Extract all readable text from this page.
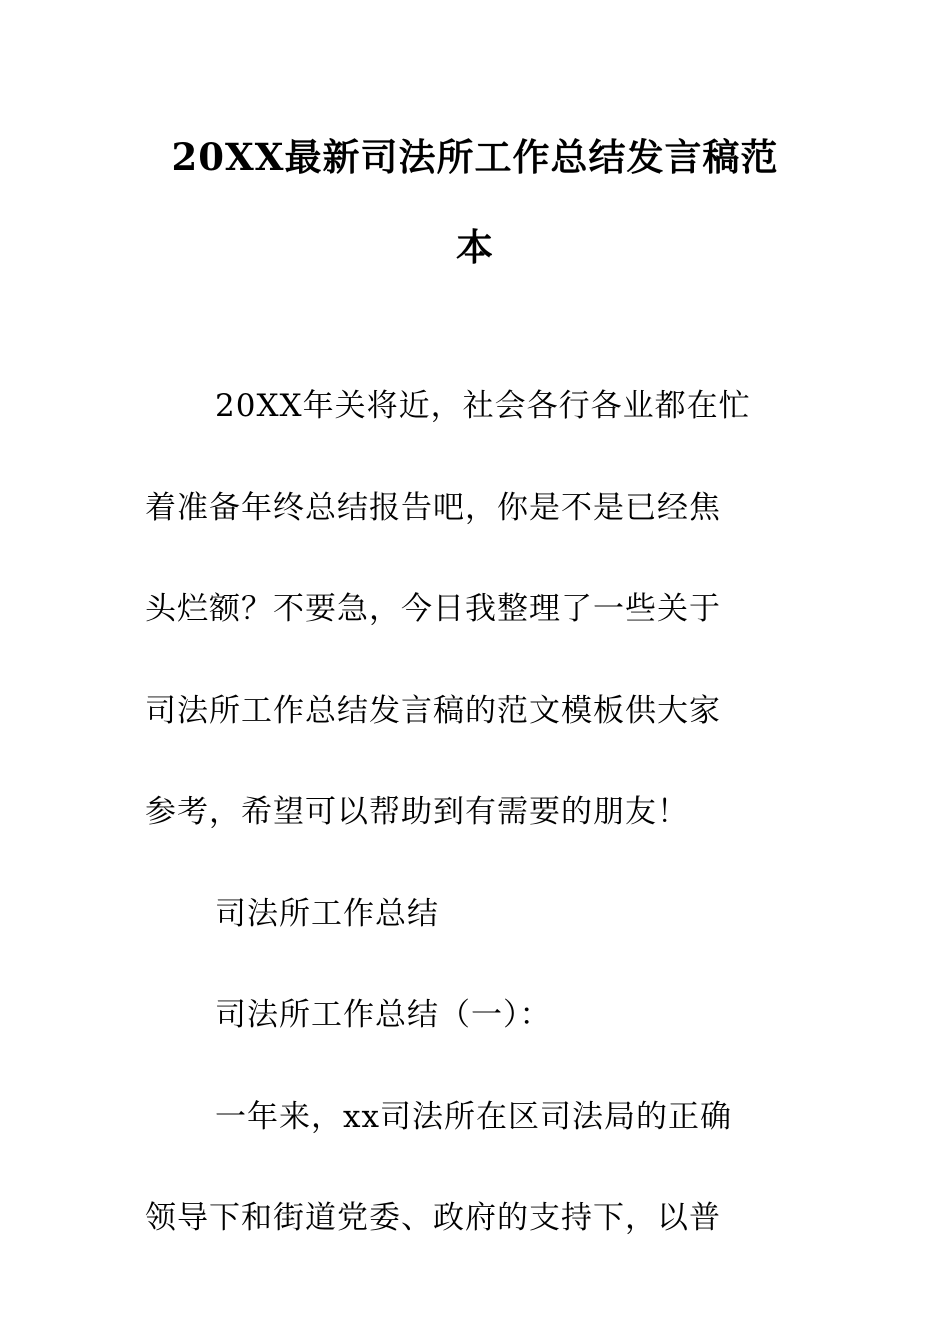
20XX最新司法所工作总结发言稿范
本
20XX年关将近，社会各行各业都在忙
着准备年终总结报告吧，你是不是已经焦
头烂额？不要急，今日我整理了一些关于
司法所工作总结发言稿的范文模板供大家
参考，希望可以帮助到有需要的朋友！
司法所工作总结
司法所工作总结（一）：
一年来，xx司法所在区司法局的正确
领导下和街道党委、政府的支持下，以普
